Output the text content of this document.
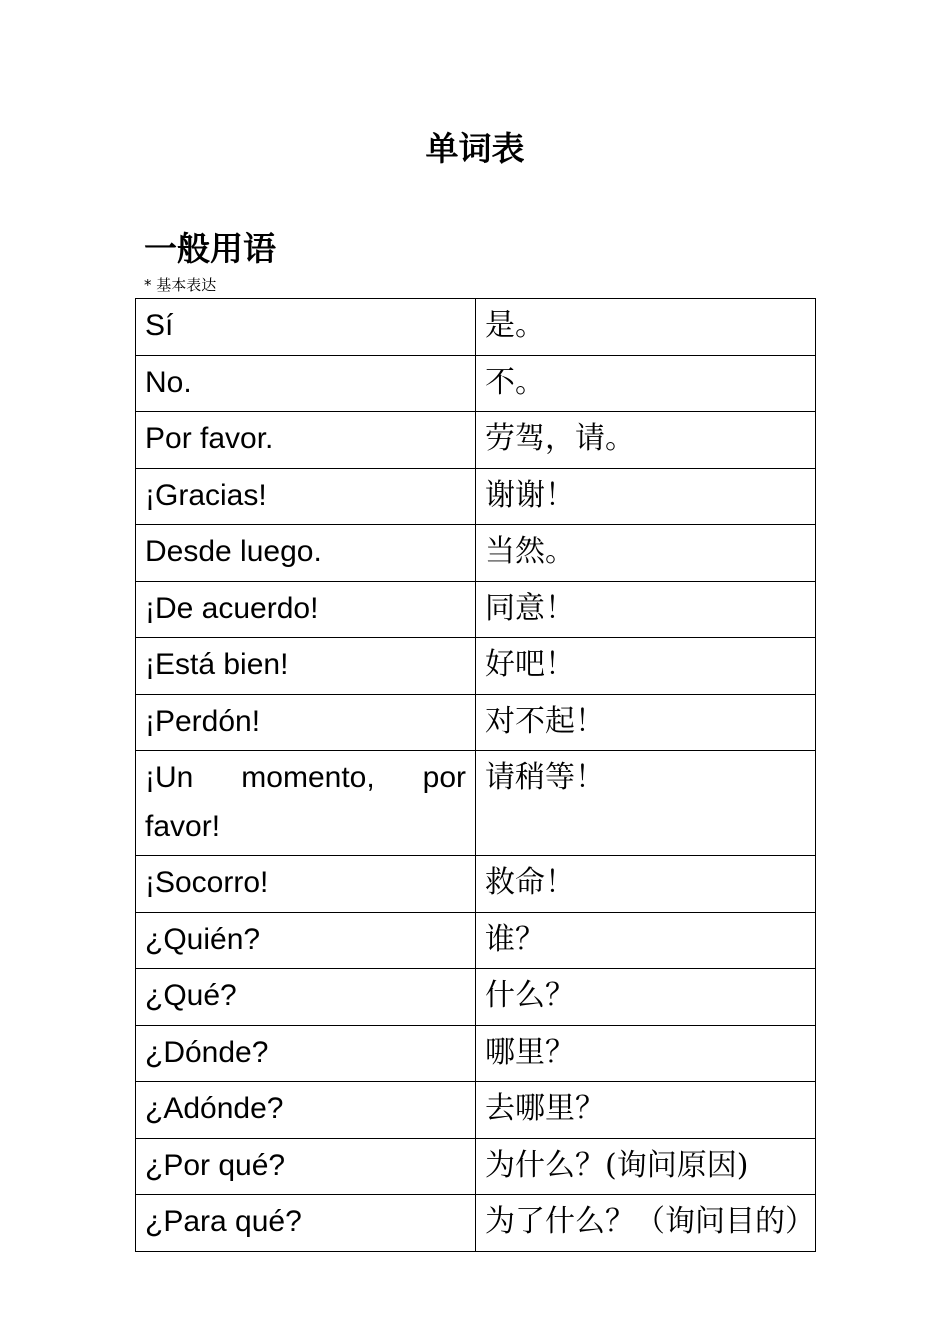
单词表
一般用语
* 基本表达
Sí	是。
No.	不。
Por favor.	劳驾，请。
¡Gracias!	谢谢！
Desde luego.	当然。
¡De acuerdo!	同意！
¡Está bien!	好吧！
¡Perdón!	对不起！
¡Un momento, por favor!	请稍等！
¡Socorro!	救命！
¿Quién?	谁？
¿Qué?	什么？
¿Dónde?	哪里？
¿Adónde?	去哪里？
¿Por qué?	为什么？(询问原因)
¿Para qué?	为了什么？（询问目的）
